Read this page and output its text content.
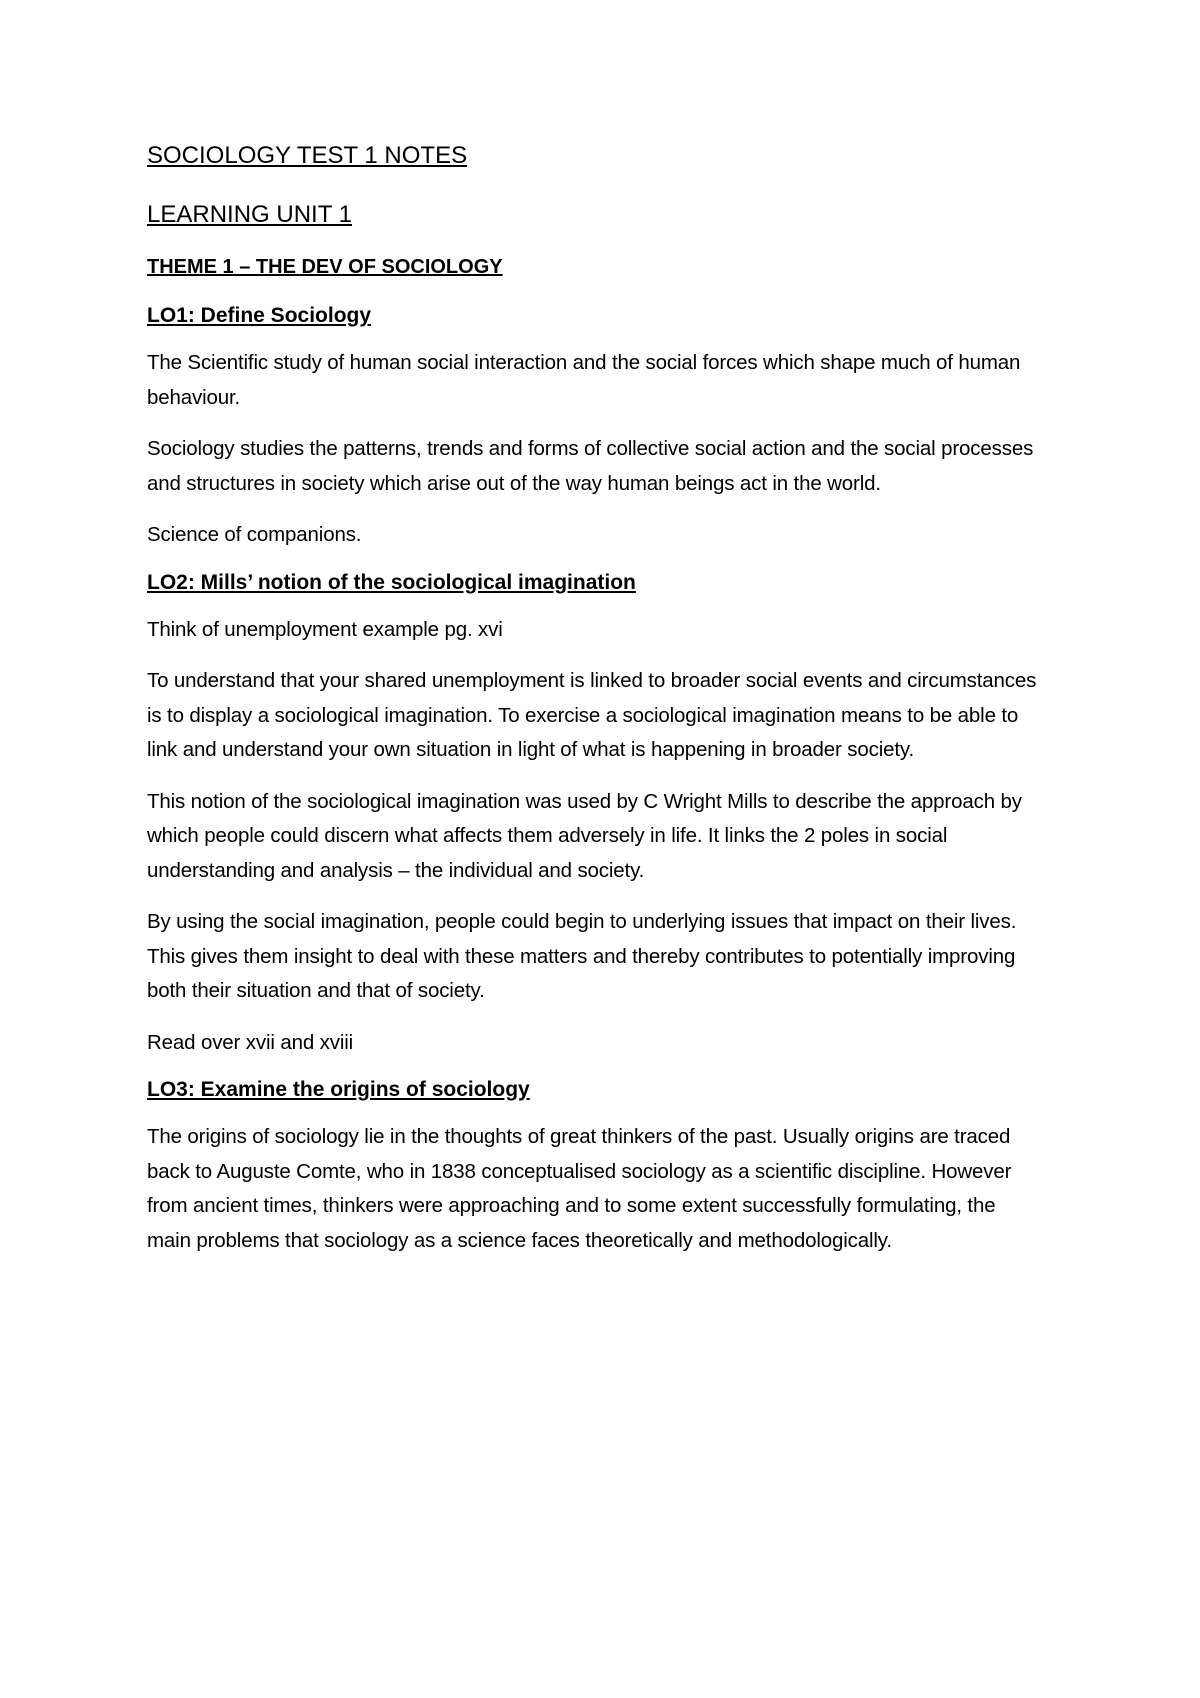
SOCIOLOGY TEST 1 NOTES
LEARNING UNIT 1
THEME 1 – THE DEV OF SOCIOLOGY
LO1: Define Sociology
The Scientific study of human social interaction and the social forces which shape much of human behaviour.
Sociology studies the patterns, trends and forms of collective social action and the social processes and structures in society which arise out of the way human beings act in the world.
Science of companions.
LO2: Mills’ notion of the sociological imagination
Think of unemployment example pg. xvi
To understand that your shared unemployment is linked to broader social events and circumstances is to display a sociological imagination. To exercise a sociological imagination means to be able to link and understand your own situation in light of what is happening in broader society.
This notion of the sociological imagination was used by C Wright Mills to describe the approach by which people could discern what affects them adversely in life. It links the 2 poles in social understanding and analysis – the individual and society.
By using the social imagination, people could begin to underlying issues that impact on their lives. This gives them insight to deal with these matters and thereby contributes to potentially improving both their situation and that of society.
Read over xvii and xviii
LO3: Examine the origins of sociology
The origins of sociology lie in the thoughts of great thinkers of the past. Usually origins are traced back to Auguste Comte, who in 1838 conceptualised sociology as a scientific discipline. However from ancient times, thinkers were approaching and to some extent successfully formulating, the main problems that sociology as a science faces theoretically and methodologically.
